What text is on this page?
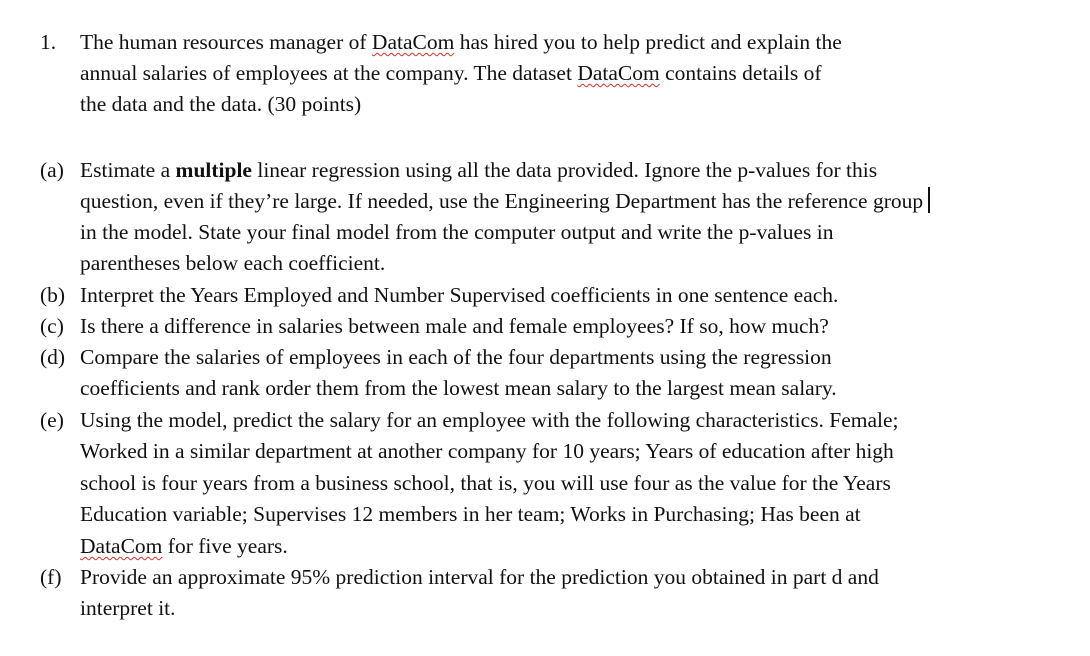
1. The human resources manager of DataCom has hired you to help predict and explain the
annual salaries of employees at the company. The dataset DataCom contains details of
the data and the data. (30 points)
(a) Estimate a multiple linear regression using all the data provided. Ignore the p-values for this
question, even if they’re large. If needed, use the Engineering Department has the reference group
in the model. State your final model from the computer output and write the p-values in
parentheses below each coefficient.
(b) Interpret the Years Employed and Number Supervised coefficients in one sentence each.
(c) Is there a difference in salaries between male and female employees? If so, how much?
(d) Compare the salaries of employees in each of the four departments using the regression
coefficients and rank order them from the lowest mean salary to the largest mean salary.
(e) Using the model, predict the salary for an employee with the following characteristics. Female;
Worked in a similar department at another company for 10 years; Years of education after high
school is four years from a business school, that is, you will use four as the value for the Years
Education variable; Supervises 12 members in her team; Works in Purchasing; Has been at
DataCom for five years.
(f) Provide an approximate 95% prediction interval for the prediction you obtained in part d and
interpret it.
